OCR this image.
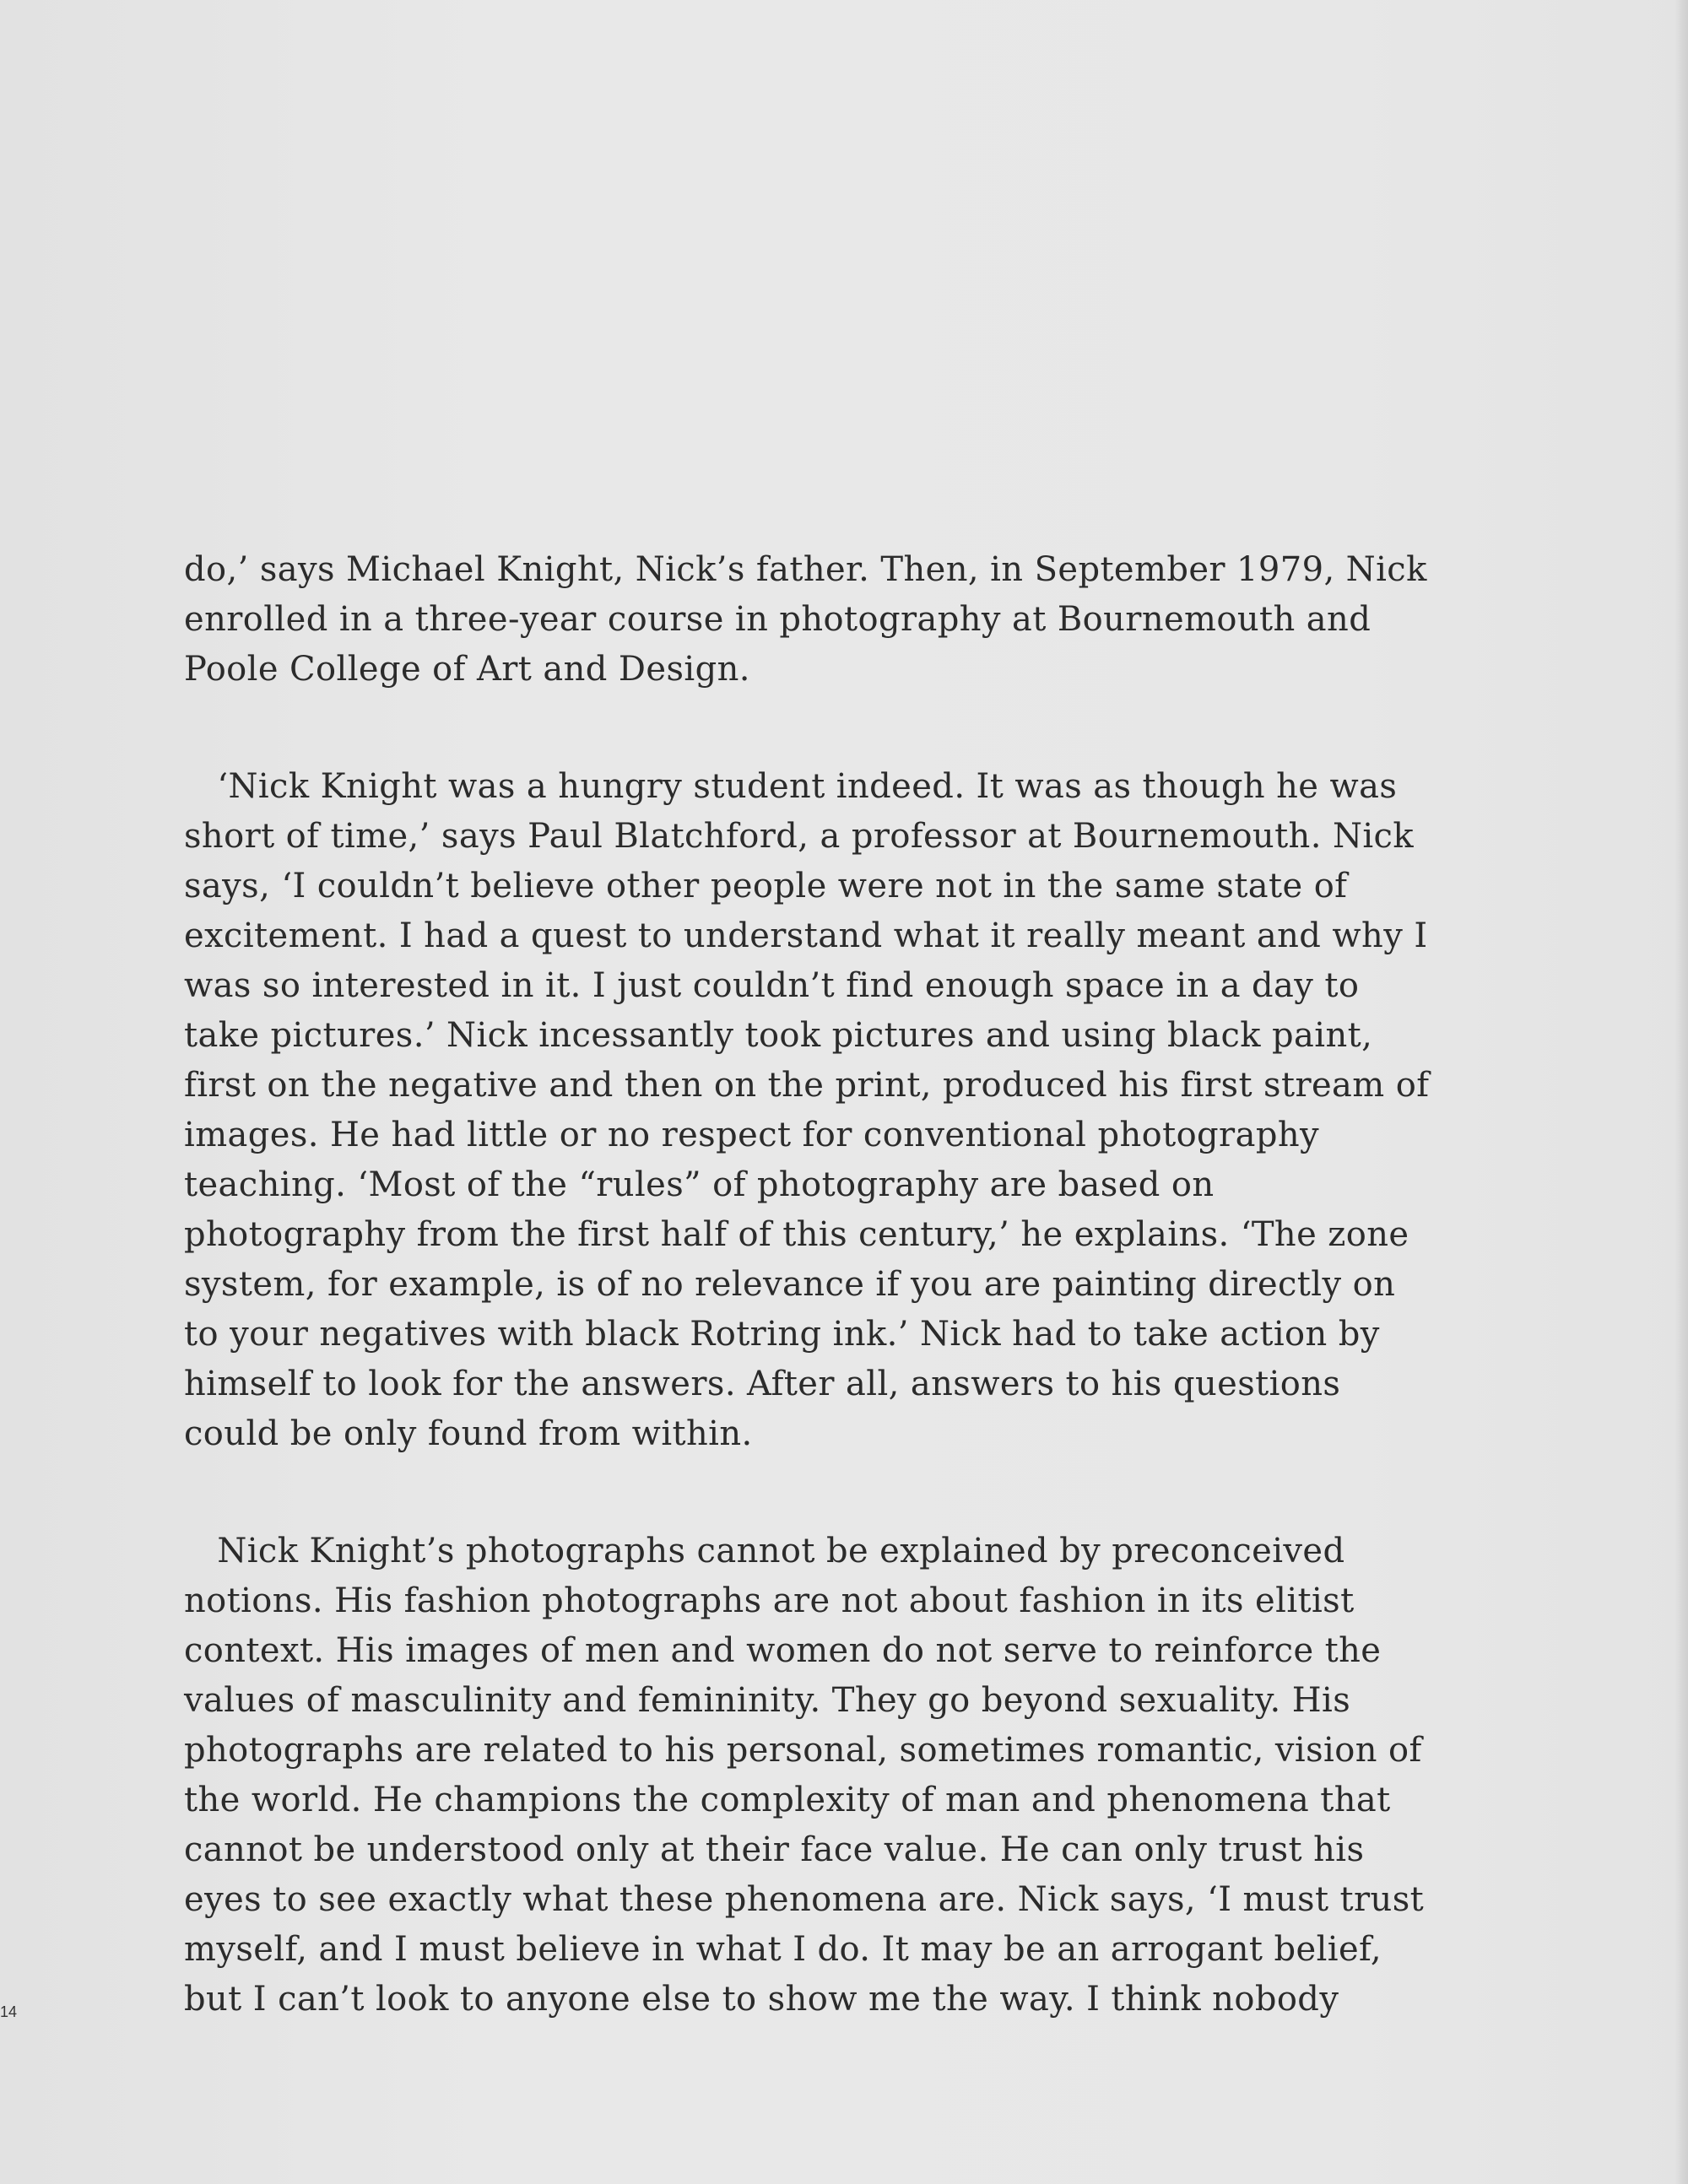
do,’ says Michael Knight, Nick’s father. Then, in September 1979, Nick
enrolled in a three-year course in photography at Bournemouth and
Poole College of Art and Design.
‘Nick Knight was a hungry student indeed. It was as though he was
short of time,’ says Paul Blatchford, a professor at Bournemouth. Nick
says, ‘I couldn’t believe other people were not in the same state of
excitement. I had a quest to understand what it really meant and why I
was so interested in it. I just couldn’t find enough space in a day to
take pictures.’ Nick incessantly took pictures and using black paint,
first on the negative and then on the print, produced his first stream of
images. He had little or no respect for conventional photography
teaching. ‘Most of the “rules” of photography are based on
photography from the first half of this century,’ he explains. ‘The zone
system, for example, is of no relevance if you are painting directly on
to your negatives with black Rotring ink.’ Nick had to take action by
himself to look for the answers. After all, answers to his questions
could be only found from within.
Nick Knight’s photographs cannot be explained by preconceived
notions. His fashion photographs are not about fashion in its elitist
context. His images of men and women do not serve to reinforce the
values of masculinity and femininity. They go beyond sexuality. His
photographs are related to his personal, sometimes romantic, vision of
the world. He champions the complexity of man and phenomena that
cannot be understood only at their face value. He can only trust his
eyes to see exactly what these phenomena are. Nick says, ‘I must trust
myself, and I must believe in what I do. It may be an arrogant belief,
but I can’t look to anyone else to show me the way. I think nobody
14
